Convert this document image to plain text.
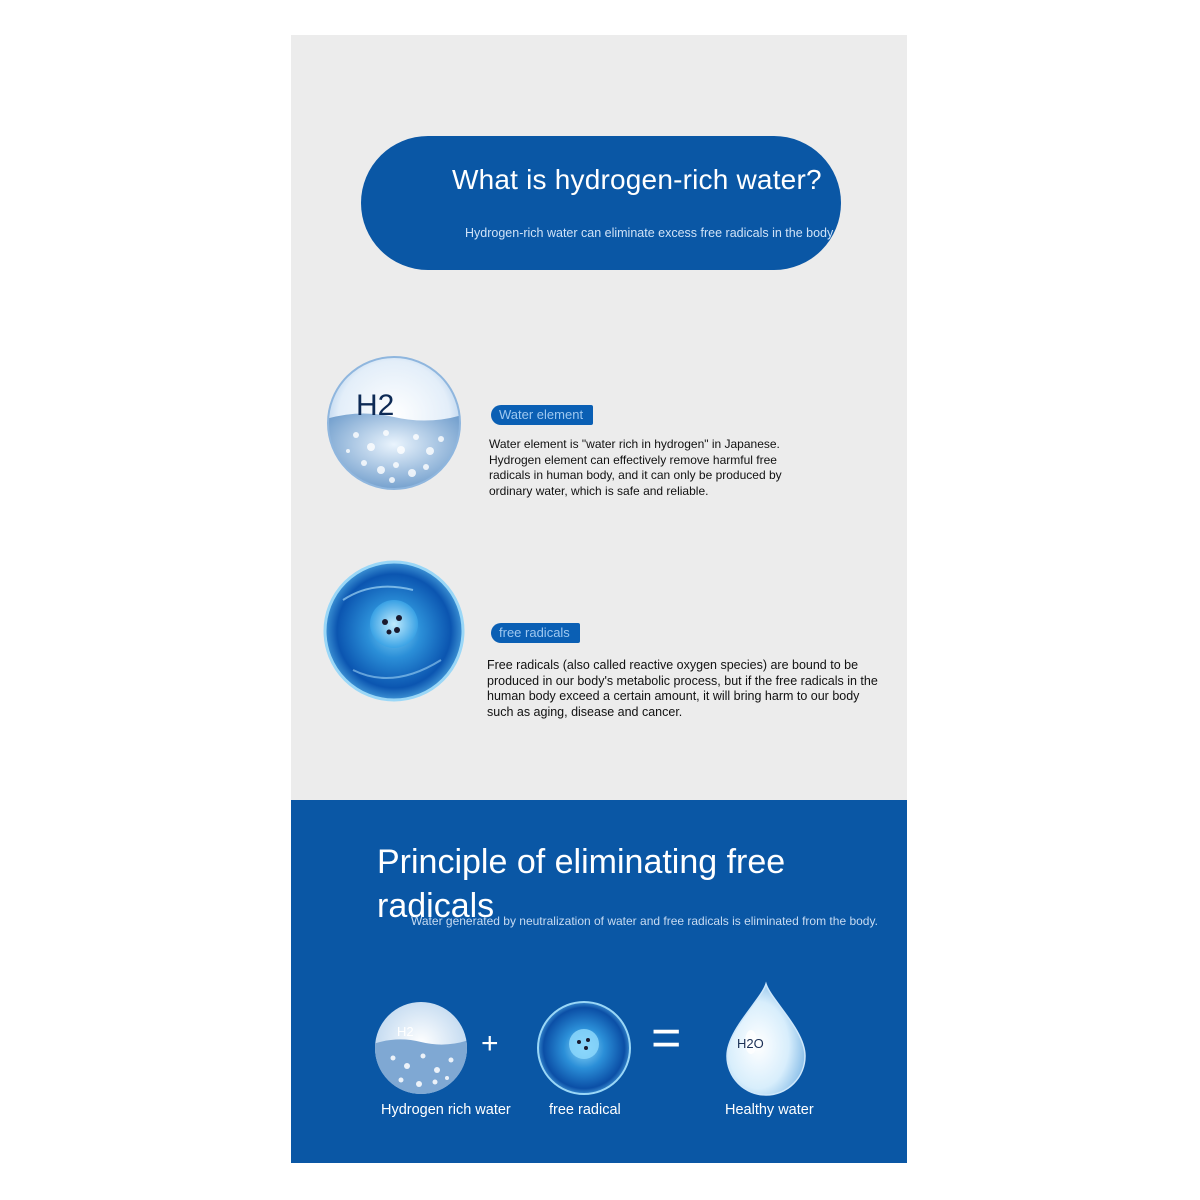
What is hydrogen-rich water?
Hydrogen-rich water can eliminate excess free radicals in the body
H2	Water element
Water element is "water rich in hydrogen" in Japanese. Hydrogen element can effectively remove harmful free radicals in human body, and it can only be produced by ordinary water, which is safe and reliable.
free radicals
Free radicals (also called reactive oxygen species) are bound to be produced in our body's metabolic process, but if the free radicals in the human body exceed a certain amount, it will bring harm to our body such as aging, disease and cancer.
Principle of eliminating free radicals
Water generated by neutralization of water and free radicals is eliminated from the body.
H2
Hydrogen rich water
+
free radical
=	H2O
Healthy water
